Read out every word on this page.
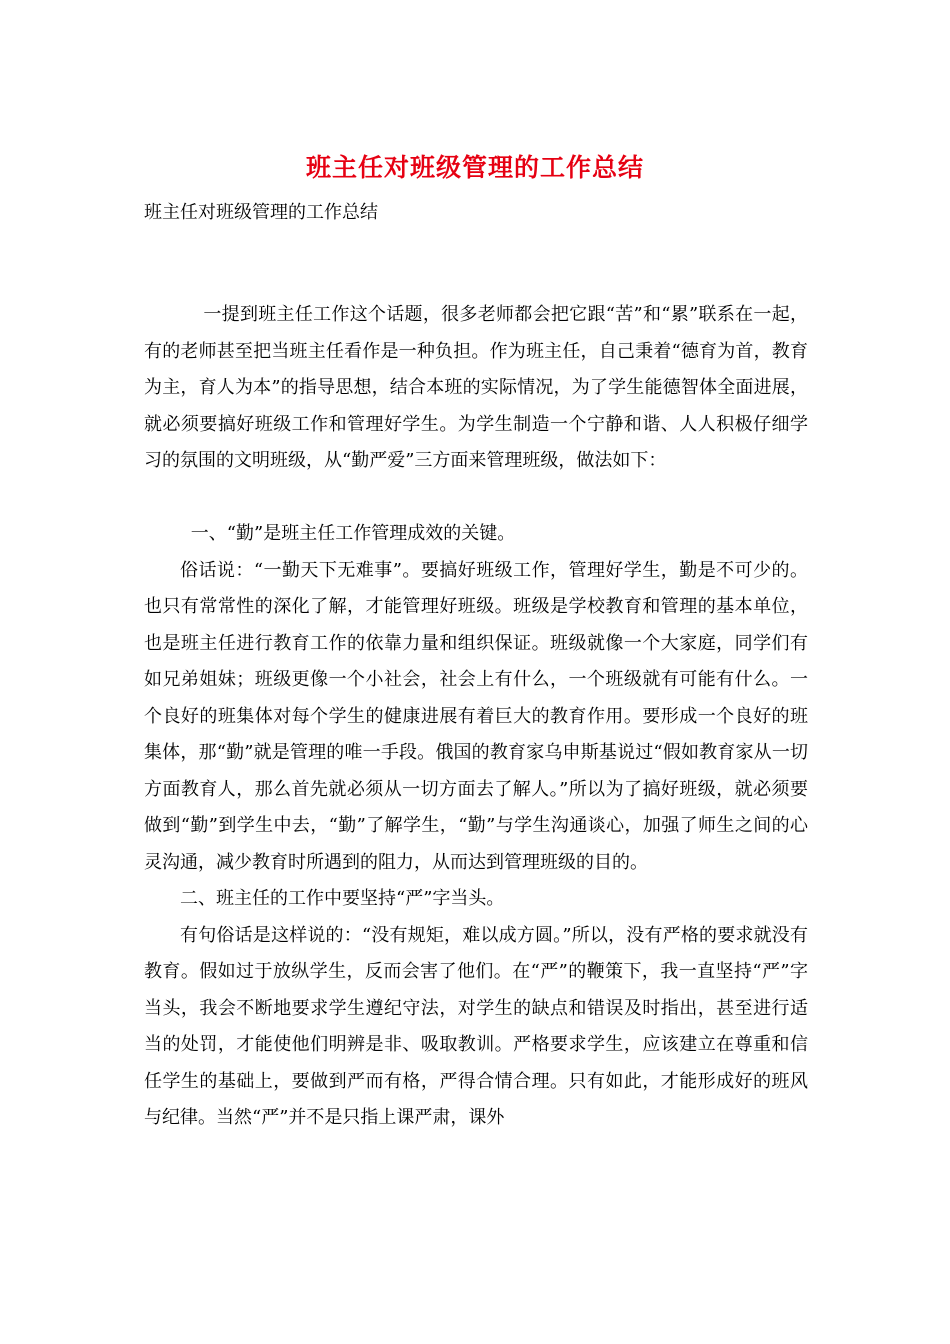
班主任对班级管理的工作总结
班主任对班级管理的工作总结

一提到班主任工作这个话题，很多老师都会把它跟“苦”和“累”联系在一起，有的老师甚至把当班主任看作是一种负担。作为班主任，自己秉着“德育为首，教育为主，育人为本”的指导思想，结合本班的实际情况，为了学生能德智体全面进展，就必须要搞好班级工作和管理好学生。为学生制造一个宁静和谐、人人积极仔细学习的氛围的文明班级，从“勤严爱”三方面来管理班级，做法如下：

一、“勤”是班主任工作管理成效的关键。

俗话说：“一勤天下无难事”。要搞好班级工作，管理好学生，勤是不可少的。也只有常常性的深化了解，才能管理好班级。班级是学校教育和管理的基本单位，也是班主任进行教育工作的依靠力量和组织保证。班级就像一个大家庭，同学们有如兄弟姐妹；班级更像一个小社会，社会上有什么，一个班级就有可能有什么。一个良好的班集体对每个学生的健康进展有着巨大的教育作用。要形成一个良好的班集体，那“勤”就是管理的唯一手段。俄国的教育家乌申斯基说过“假如教育家从一切方面教育人，那么首先就必须从一切方面去了解人。”所以为了搞好班级，就必须要做到“勤”到学生中去，“勤”了解学生，“勤”与学生沟通谈心，加强了师生之间的心灵沟通，减少教育时所遇到的阻力，从而达到管理班级的目的。

二、班主任的工作中要坚持“严”字当头。

有句俗话是这样说的：“没有规矩，难以成方圆。”所以，没有严格的要求就没有教育。假如过于放纵学生，反而会害了他们。在“严”的鞭策下，我一直坚持“严”字当头，我会不断地要求学生遵纪守法，对学生的缺点和错误及时指出，甚至进行适当的处罚，才能使他们明辨是非、吸取教训。严格要求学生，应该建立在尊重和信任学生的基础上，要做到严而有格，严得合情合理。只有如此，才能形成好的班风与纪律。当然“严”并不是只指上课严肃，课外
